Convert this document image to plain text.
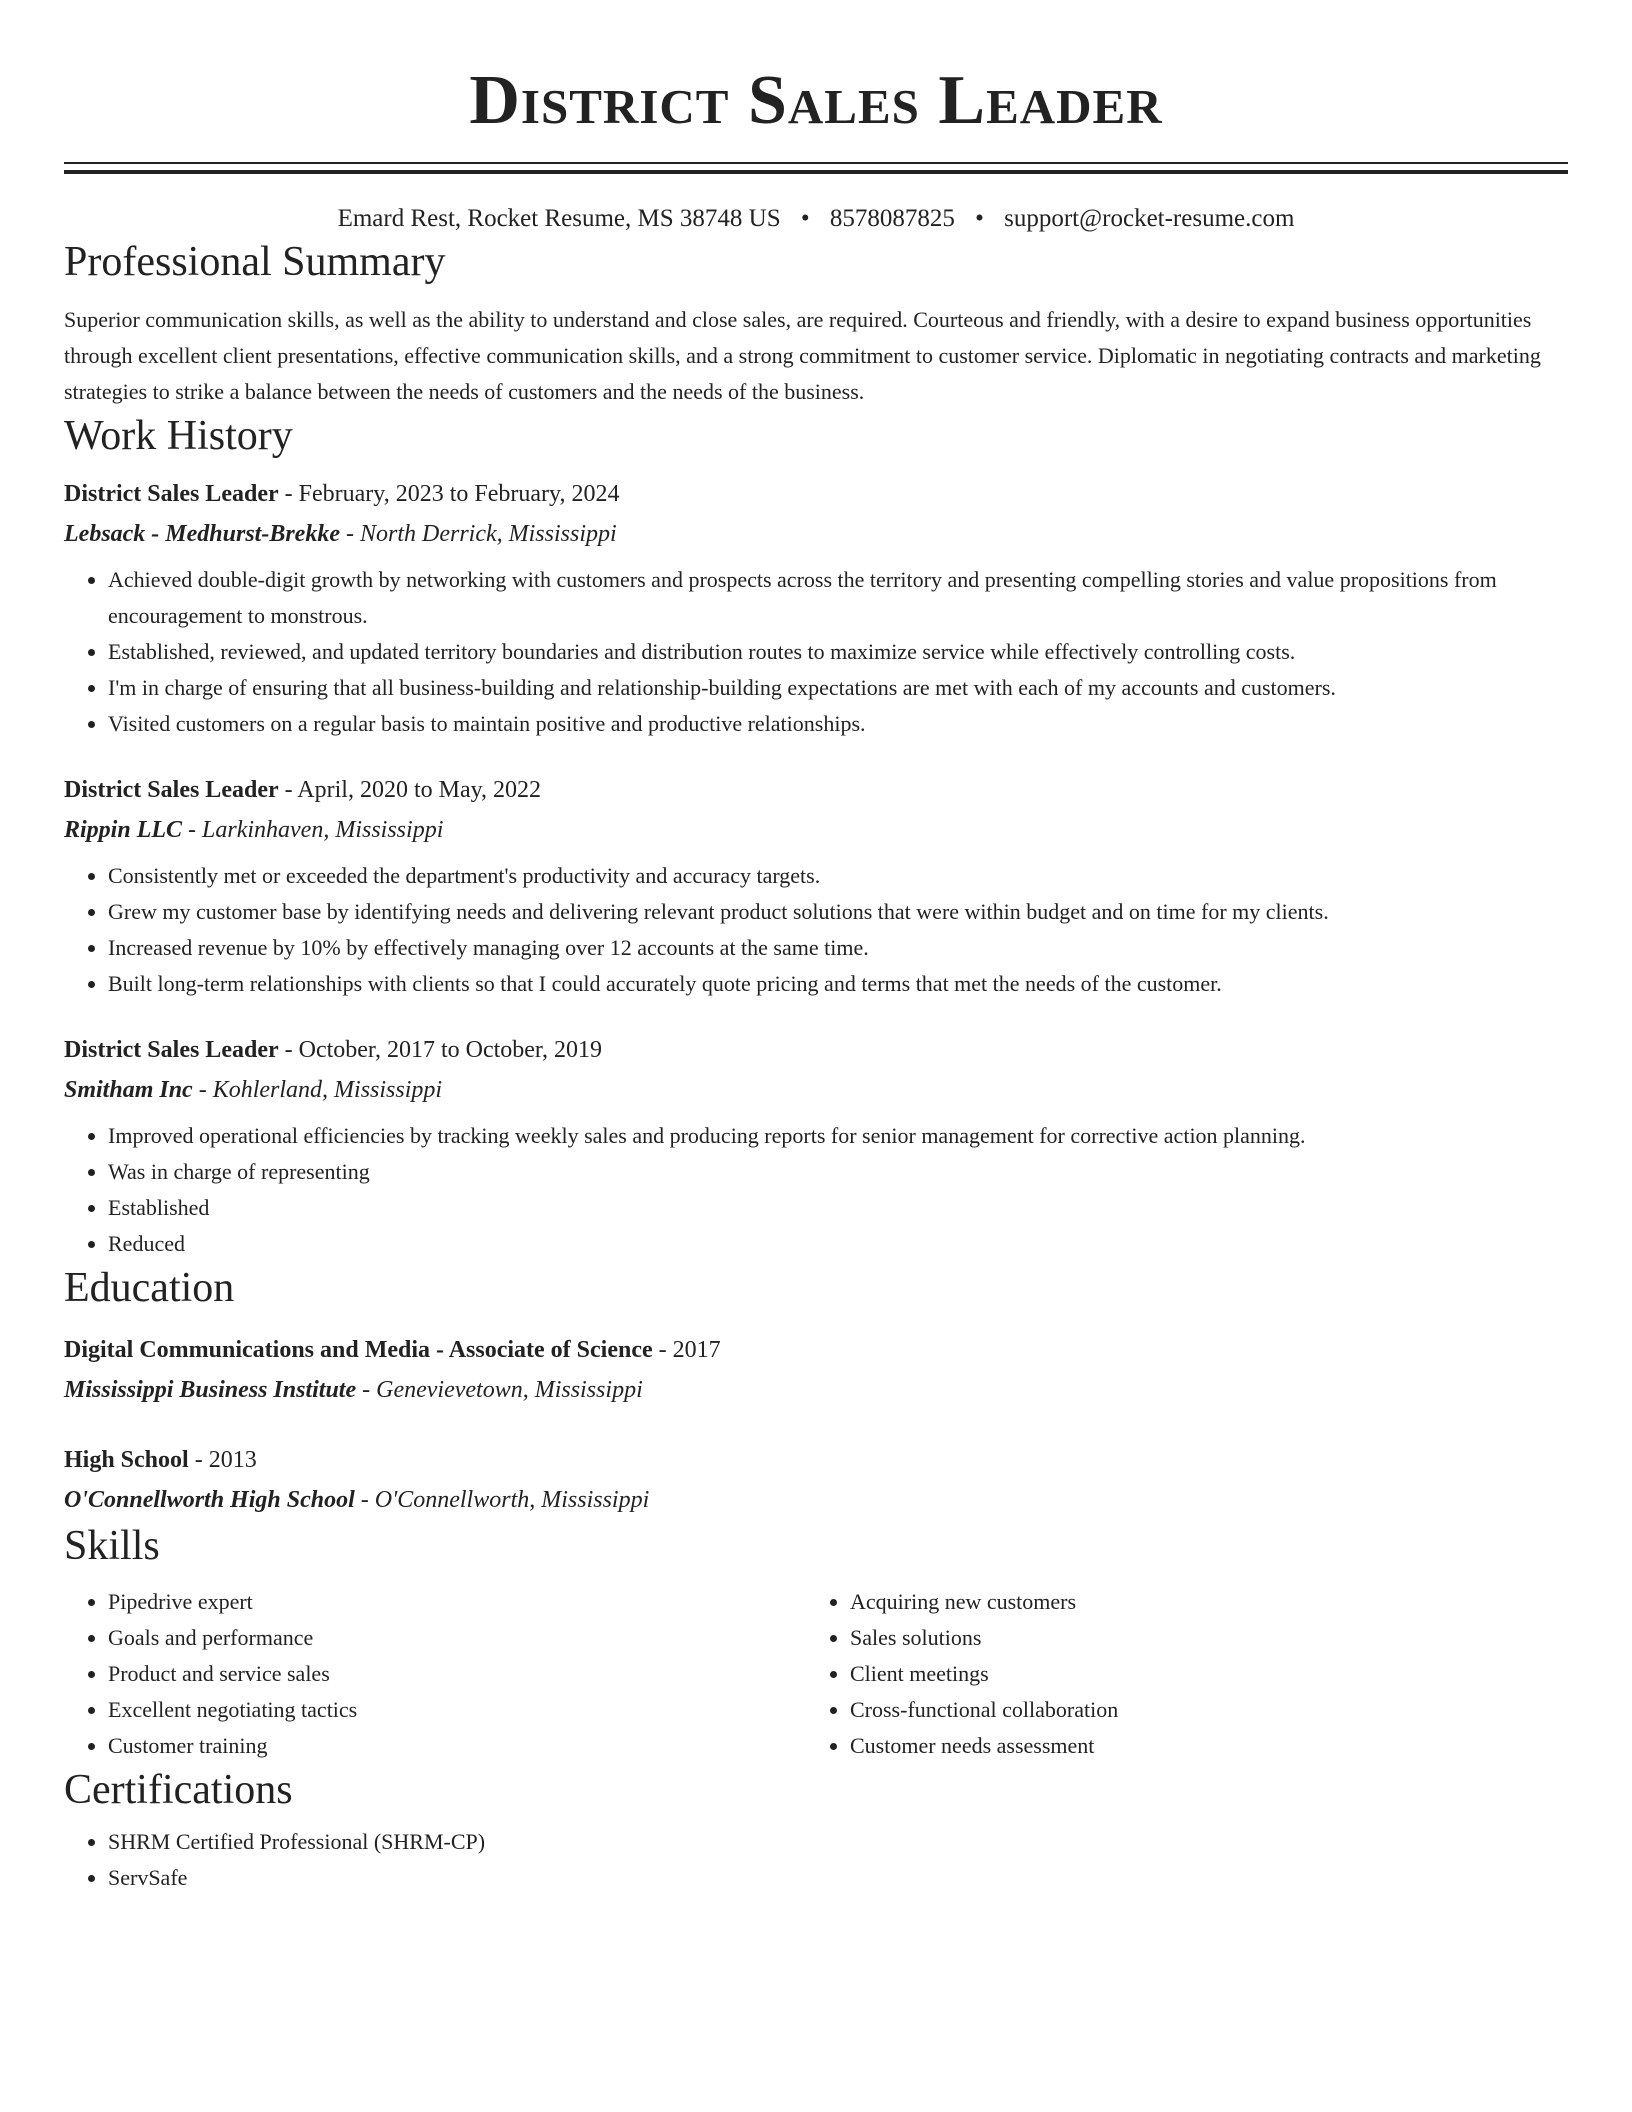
District Sales Leader
Emard Rest, Rocket Resume, MS 38748 US • 8578087825 • support@rocket-resume.com
Professional Summary
Superior communication skills, as well as the ability to understand and close sales, are required. Courteous and friendly, with a desire to expand business opportunities through excellent client presentations, effective communication skills, and a strong commitment to customer service. Diplomatic in negotiating contracts and marketing strategies to strike a balance between the needs of customers and the needs of the business.
Work History
District Sales Leader - February, 2023 to February, 2024
Lebsack - Medhurst-Brekke - North Derrick, Mississippi
• Achieved double-digit growth by networking with customers and prospects across the territory and presenting compelling stories and value propositions from encouragement to monstrous.
• Established, reviewed, and updated territory boundaries and distribution routes to maximize service while effectively controlling costs.
• I'm in charge of ensuring that all business-building and relationship-building expectations are met with each of my accounts and customers.
• Visited customers on a regular basis to maintain positive and productive relationships.
District Sales Leader - April, 2020 to May, 2022
Rippin LLC - Larkinhaven, Mississippi
• Consistently met or exceeded the department's productivity and accuracy targets.
• Grew my customer base by identifying needs and delivering relevant product solutions that were within budget and on time for my clients.
• Increased revenue by 10% by effectively managing over 12 accounts at the same time.
• Built long-term relationships with clients so that I could accurately quote pricing and terms that met the needs of the customer.
District Sales Leader - October, 2017 to October, 2019
Smitham Inc - Kohlerland, Mississippi
• Improved operational efficiencies by tracking weekly sales and producing reports for senior management for corrective action planning.
• Was in charge of representing
• Established
• Reduced
Education
Digital Communications and Media - Associate of Science - 2017
Mississippi Business Institute - Genevievetown, Mississippi
High School - 2013
O'Connellworth High School - O'Connellworth, Mississippi
Skills
• Pipedrive expert
• Goals and performance
• Product and service sales
• Excellent negotiating tactics
• Customer training
• Acquiring new customers
• Sales solutions
• Client meetings
• Cross-functional collaboration
• Customer needs assessment
Certifications
• SHRM Certified Professional (SHRM-CP)
• ServSafe
